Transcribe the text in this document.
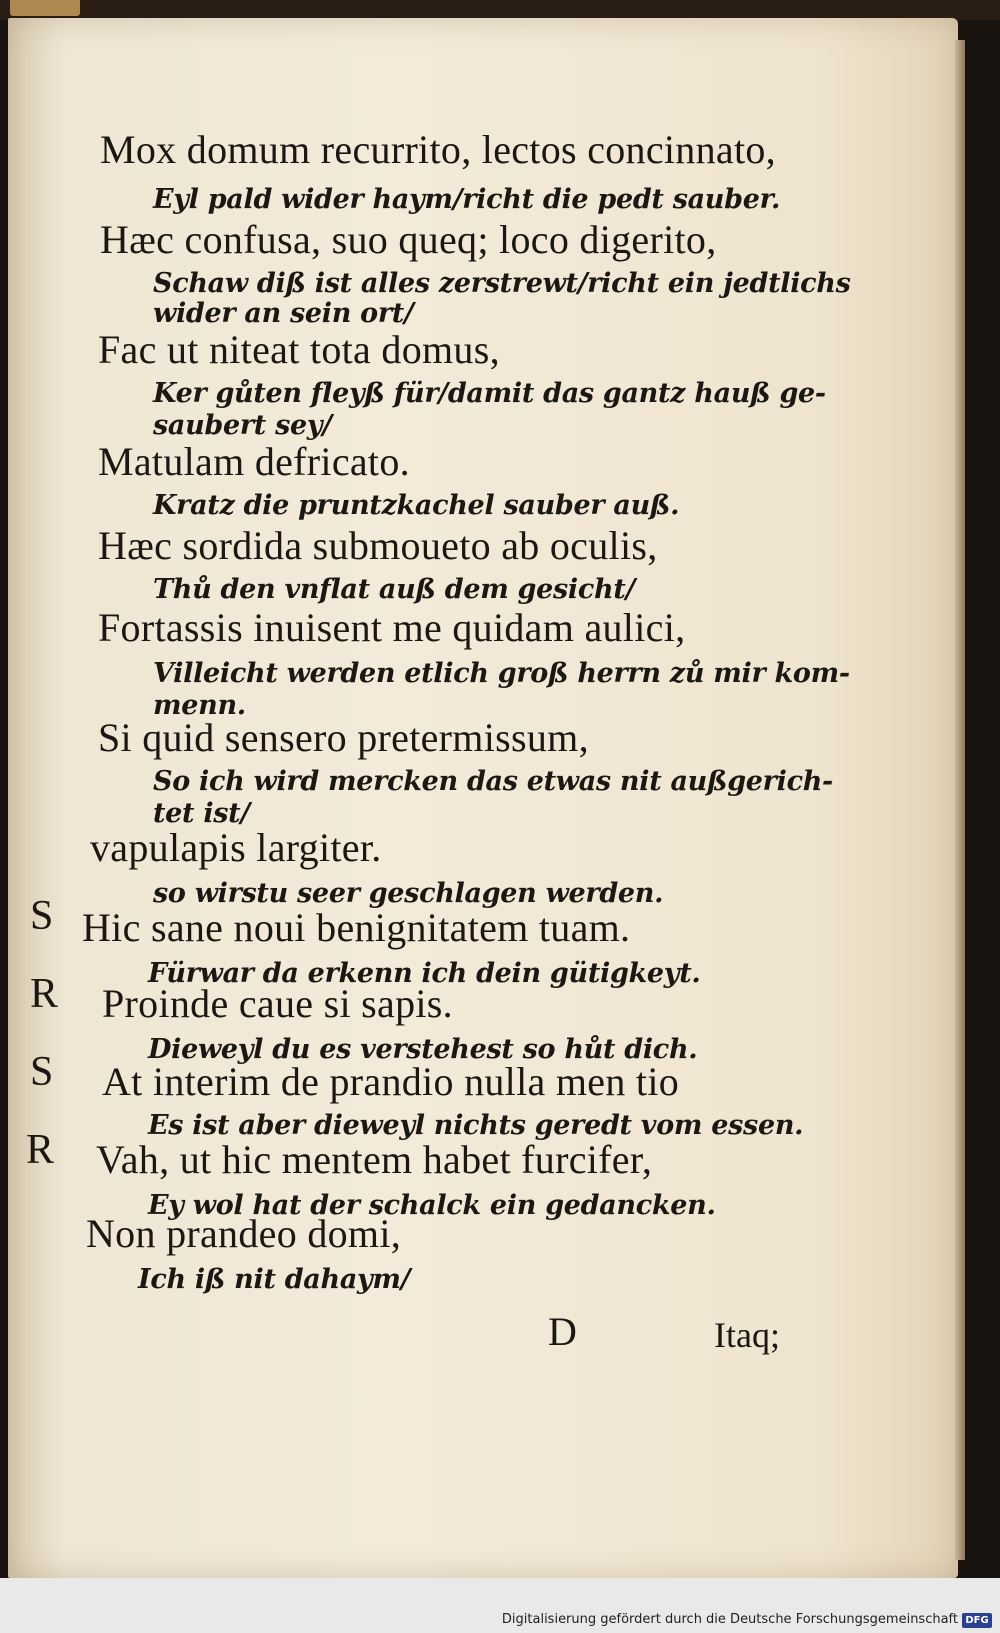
Mox domum recurrito, lectos concinnato,
Eyl pald wider haym/richt die pedt sauber.
Hæc confusa, suo queq; loco digerito,
Schaw diß ist alles zerstrewt/richt ein jedtlichs
wider an sein ort/
Fac ut niteat tota domus,
Ker gůten fleyß für/damit das gantz hauß ge-
saubert sey/
Matulam defricato.
Kratz die pruntzkachel sauber auß.
Hæc sordida submoueto ab oculis,
Thů den vnflat auß dem gesicht/
Fortassis inuisent me quidam aulici,
Villeicht werden etlich groß herrn zů mir kom-
menn.
Si quid sensero pretermissum,
So ich wird mercken das etwas nit außgerich-
tet ist/
vapulapis largiter.
so wirstu seer geschlagen werden.
S Hic sane noui benignitatem tuam.
Fürwar da erkenn ich dein gütigkeyt.
R Proinde caue si sapis.
Dieweyl du es verstehest so hůt dich.
S At interim de prandio nulla men tio
Es ist aber dieweyl nichts geredt vom essen.
R Vah, ut hic mentem habet furcifer,
Ey wol hat der schalck ein gedancken.
Non prandeo domi,
Ich iß nit dahaym/
D	Itaq;
Digitalisierung gefördert durch die Deutsche Forschungsgemeinschaft DFG
